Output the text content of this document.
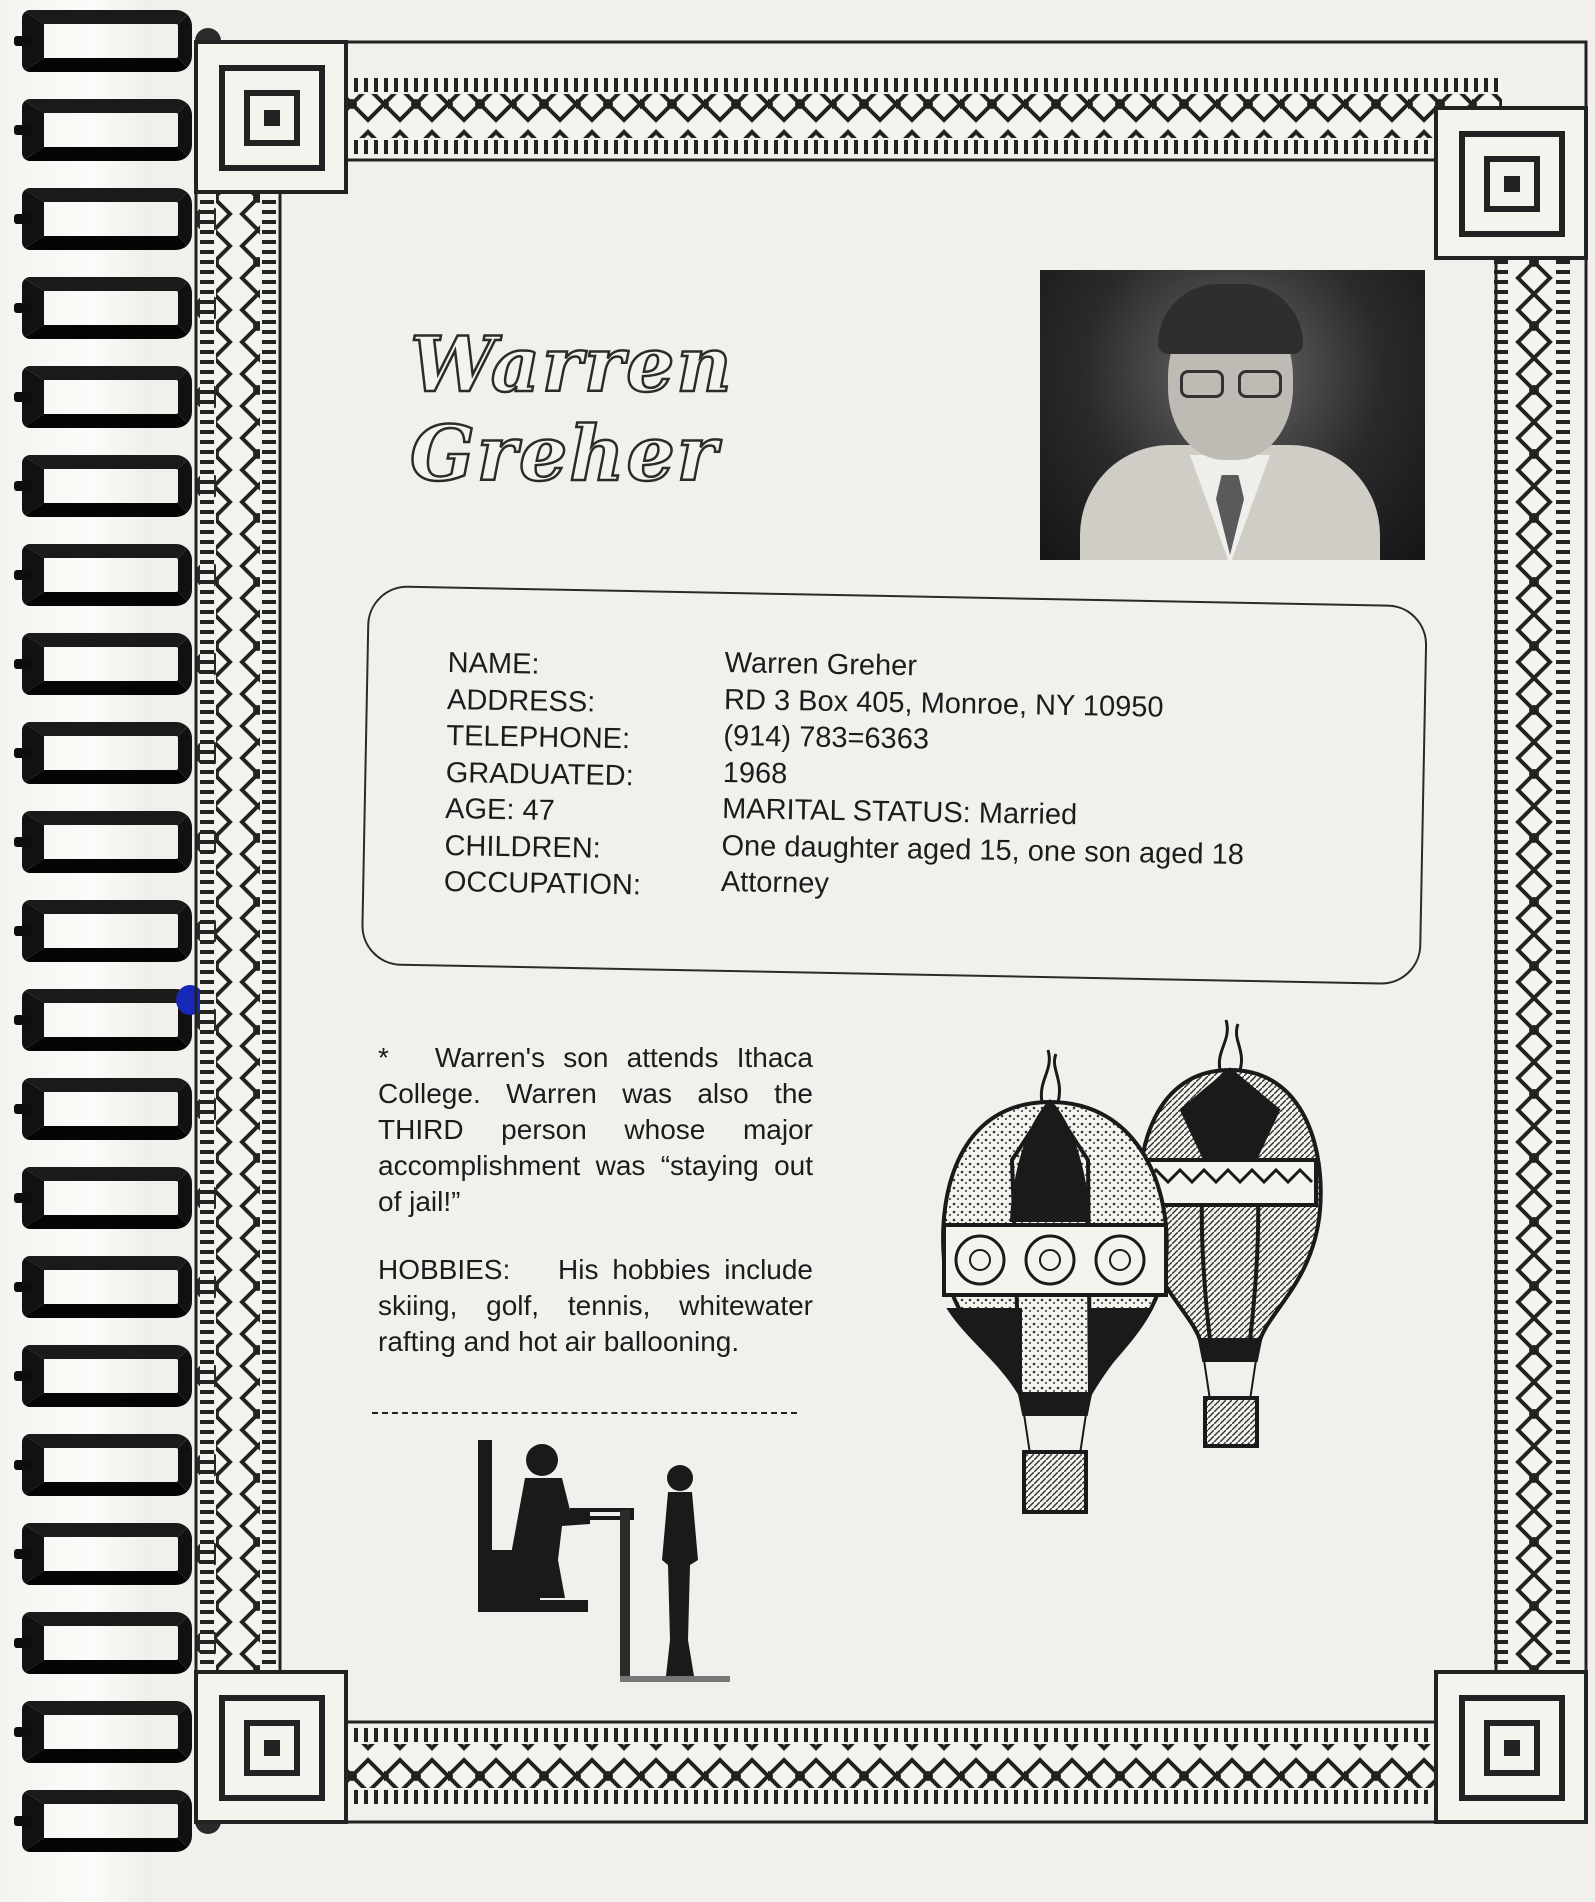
Warren Greher
NAME:
ADDRESS:
TELEPHONE:
GRADUATED:
AGE: 47
CHILDREN:
OCCUPATION:
Warren Greher
RD 3 Box 405, Monroe, NY 10950
(914) 783=6363
1968
MARITAL STATUS: Married
One daughter aged 15, one son aged 18
Attorney
* Warren's son attends Ithaca College. Warren was also the THIRD person whose major accomplishment was “staying out of jail!”
HOBBIES: His hobbies include skiing, golf, tennis, whitewater rafting and hot air ballooning.
